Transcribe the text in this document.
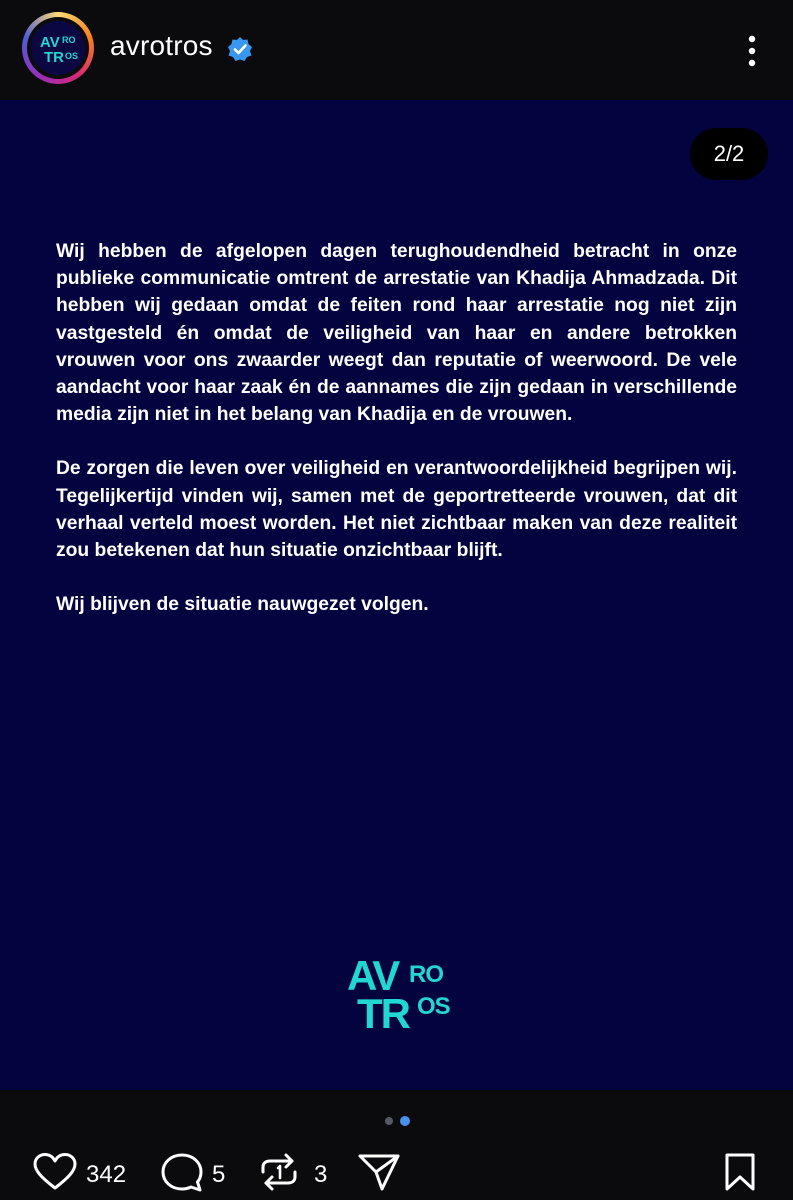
AV RO
TR OS avrotros
2/2

Wij hebben de afgelopen dagen terughoudendheid betracht in onze publieke communicatie omtrent de arrestatie van Khadija Ahmadzada. Dit hebben wij gedaan omdat de feiten rond haar arrestatie nog niet zijn vastgesteld én omdat de veiligheid van haar en andere betrokken vrouwen voor ons zwaarder weegt dan reputatie of weerwoord. De vele aandacht voor haar zaak én de aannames die zijn gedaan in verschillende media zijn niet in het belang van Khadija en de vrouwen.

De zorgen die leven over veiligheid en verantwoordelijkheid begrijpen wij. Tegelijkertijd vinden wij, samen met de geportretteerde vrouwen, dat dit verhaal verteld moest worden. Het niet zichtbaar maken van deze realiteit zou betekenen dat hun situatie onzichtbaar blijft.

Wij blijven de situatie nauwgezet volgen.

AV RO
TR OS
342	5	3
